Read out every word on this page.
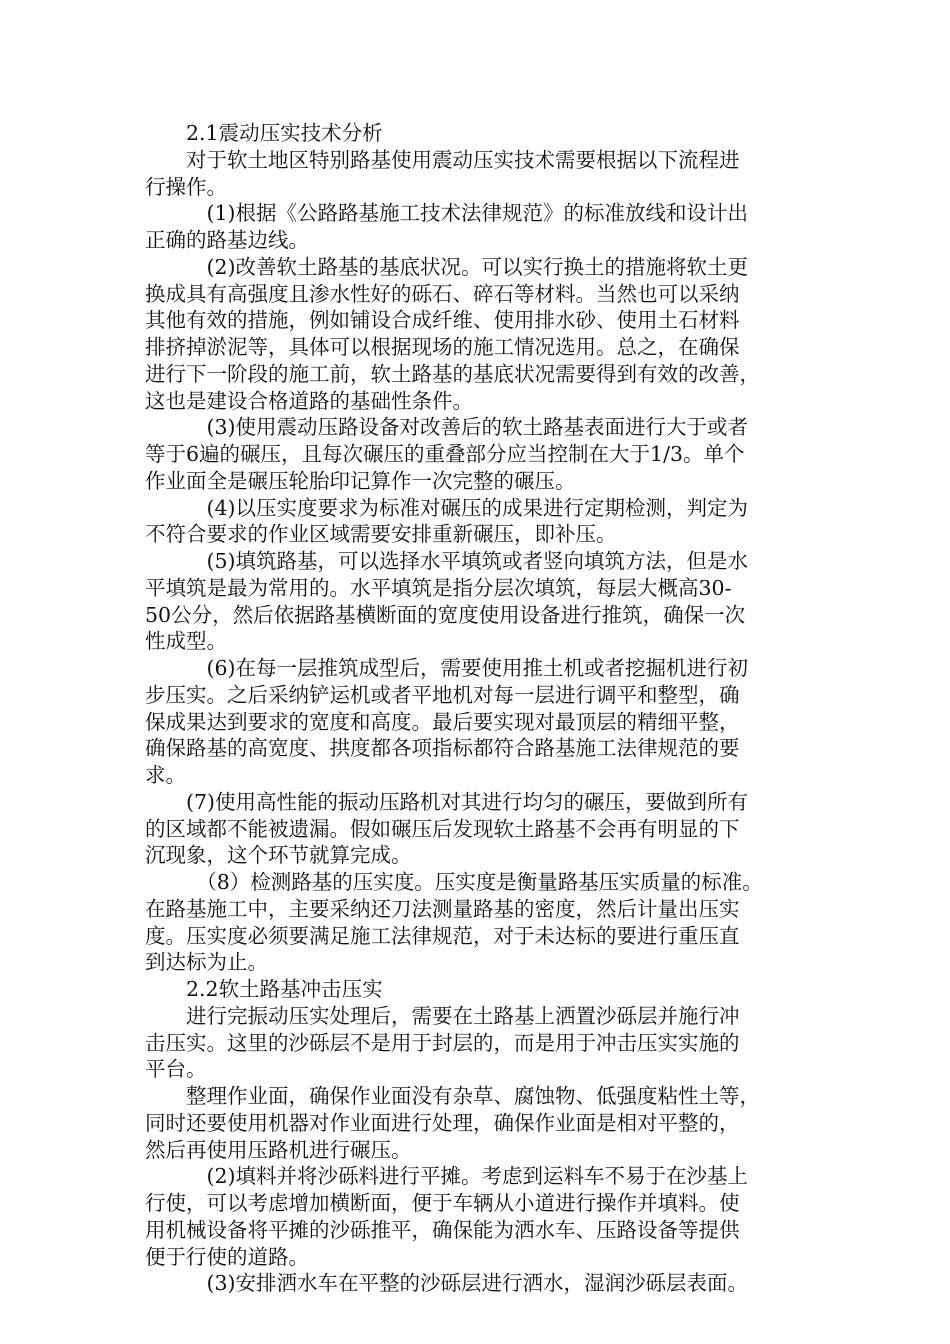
　　2.1震动压实技术分析
　　对于软土地区特别路基使用震动压实技术需要根据以下流程进
行操作。
　　　(1)根据《公路路基施工技术法律规范》的标准放线和设计出
正确的路基边线。
　　　(2)改善软土路基的基底状况。可以实行换土的措施将软土更
换成具有高强度且渗水性好的砾石、碎石等材料。当然也可以采纳
其他有效的措施，例如铺设合成纤维、使用排水砂、使用土石材料
排挤掉淤泥等，具体可以根据现场的施工情况选用。总之，在确保
进行下一阶段的施工前，软土路基的基底状况需要得到有效的改善，
这也是建设合格道路的基础性条件。
　　　(3)使用震动压路设备对改善后的软土路基表面进行大于或者
等于6遍的碾压，且每次碾压的重叠部分应当控制在大于1/3。单个
作业面全是碾压轮胎印记算作一次完整的碾压。
　　　(4)以压实度要求为标准对碾压的成果进行定期检测，判定为
不符合要求的作业区域需要安排重新碾压，即补压。
　　　(5)填筑路基，可以选择水平填筑或者竖向填筑方法，但是水
平填筑是最为常用的。水平填筑是指分层次填筑，每层大概高30-
50公分，然后依据路基横断面的宽度使用设备进行推筑，确保一次
性成型。
　　　(6)在每一层推筑成型后，需要使用推土机或者挖掘机进行初
步压实。之后采纳铲运机或者平地机对每一层进行调平和整型，确
保成果达到要求的宽度和高度。最后要实现对最顶层的精细平整，
确保路基的高宽度、拱度都各项指标都符合路基施工法律规范的要
求。
　　(7)使用高性能的振动压路机对其进行均匀的碾压，要做到所有
的区域都不能被遗漏。假如碾压后发现软土路基不会再有明显的下
沉现象，这个环节就算完成。
　　　（8）检测路基的压实度。压实度是衡量路基压实质量的标准。
在路基施工中，主要采纳还刀法测量路基的密度，然后计量出压实
度。压实度必须要满足施工法律规范，对于未达标的要进行重压直
到达标为止。
　　2.2软土路基冲击压实
　　进行完振动压实处理后，需要在土路基上洒置沙砾层并施行冲
击压实。这里的沙砾层不是用于封层的，而是用于冲击压实实施的
平台。
　　整理作业面，确保作业面没有杂草、腐蚀物、低强度粘性土等，
同时还要使用机器对作业面进行处理，确保作业面是相对平整的，
然后再使用压路机进行碾压。
　　　(2)填料并将沙砾料进行平摊。考虑到运料车不易于在沙基上
行使，可以考虑增加横断面，便于车辆从小道进行操作并填料。使
用机械设备将平摊的沙砾推平，确保能为洒水车、压路设备等提供
便于行使的道路。
　　　(3)安排洒水车在平整的沙砾层进行洒水，湿润沙砾层表面。
